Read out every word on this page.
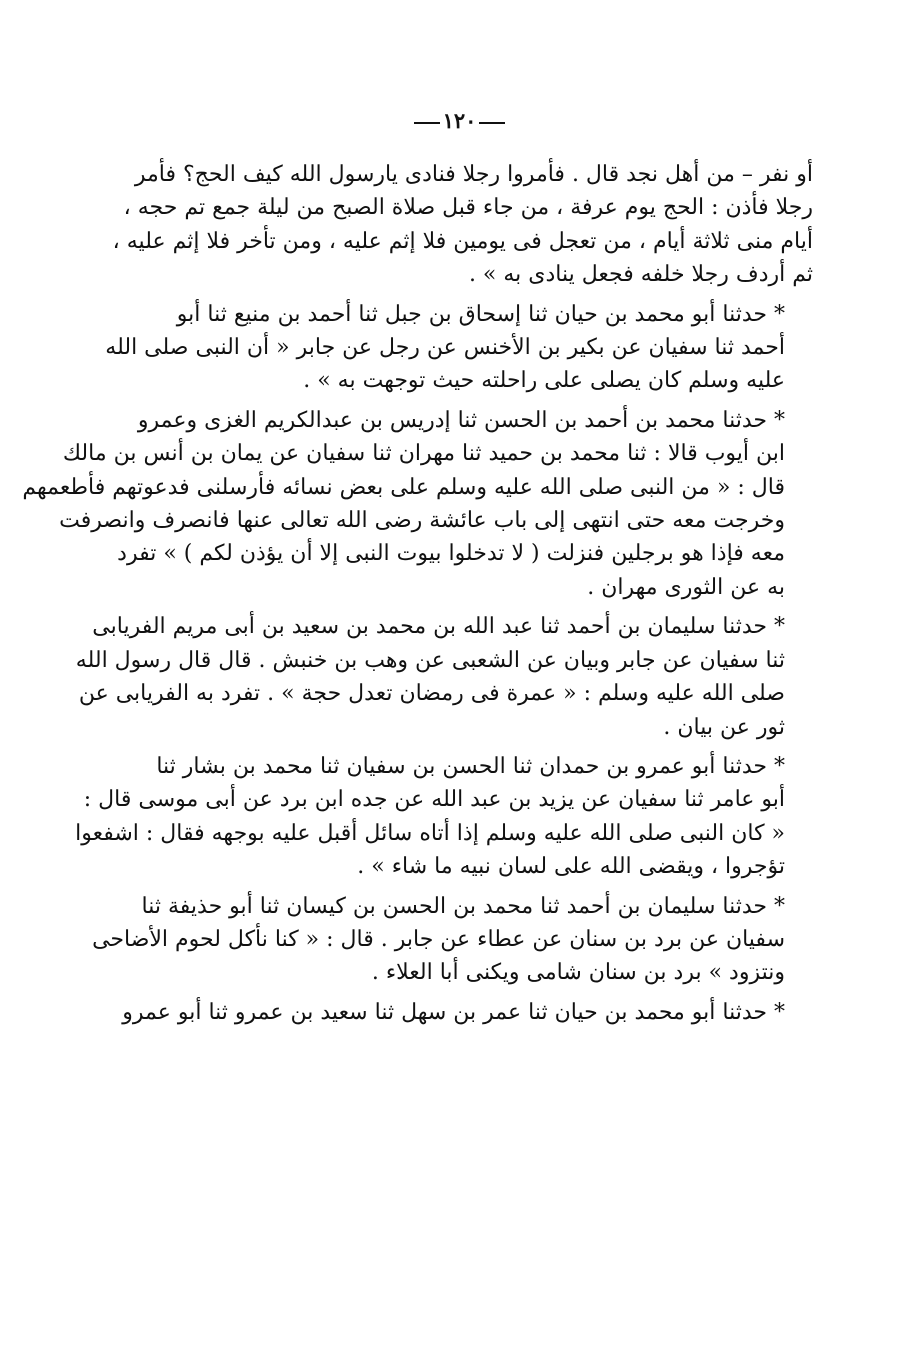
١٢٠
أو نفر – من أهل نجد قال . فأمروا رجلا فنادى يارسول الله كيف الحج؟ فأمر
رجلا فأذن : الحج يوم عرفة ، من جاء قبل صلاة الصبح من ليلة جمع تم حجه ،
أيام منى ثلاثة أيام ، من تعجل فى يومين فلا إثم عليه ، ومن تأخر فلا إثم عليه ،
ثم أردف رجلا خلفه فجعل ينادى به » .
* حدثنا أبو محمد بن حيان ثنا إسحاق بن جبل ثنا أحمد بن منيع ثنا أبو
أحمد ثنا سفيان عن بكير بن الأخنس عن رجل عن جابر « أن النبى صلى الله
عليه وسلم كان يصلى على راحلته حيث توجهت به » .
* حدثنا محمد بن أحمد بن الحسن ثنا إدريس بن عبدالكريم الغزى وعمرو
ابن أيوب قالا : ثنا محمد بن حميد ثنا مهران ثنا سفيان عن يمان بن أنس بن مالك
قال : « من النبى صلى الله عليه وسلم على بعض نسائه فأرسلنى فدعوتهم فأطعمهم
وخرجت معه حتى انتهى إلى باب عائشة رضى الله تعالى عنها فانصرف وانصرفت
معه فإذا هو برجلين فنزلت ( لا تدخلوا بيوت النبى إلا أن يؤذن لكم ) » تفرد
به عن الثورى مهران .
* حدثنا سليمان بن أحمد ثنا عبد الله بن محمد بن سعيد بن أبى مريم الفريابى
ثنا سفيان عن جابر وبيان عن الشعبى عن وهب بن خنبش . قال قال رسول الله
صلى الله عليه وسلم : « عمرة فى رمضان تعدل حجة » . تفرد به الفريابى عن
ثور عن بيان .
* حدثنا أبو عمرو بن حمدان ثنا الحسن بن سفيان ثنا محمد بن بشار ثنا
أبو عامر ثنا سفيان عن يزيد بن عبد الله عن جده ابن برد عن أبى موسى قال :
« كان النبى صلى الله عليه وسلم إذا أتاه سائل أقبل عليه بوجهه فقال : اشفعوا
تؤجروا ، ويقضى الله على لسان نبيه ما شاء » .
* حدثنا سليمان بن أحمد ثنا محمد بن الحسن بن كيسان ثنا أبو حذيفة ثنا
سفيان عن برد بن سنان عن عطاء عن جابر . قال : « كنا نأكل لحوم الأضاحى
ونتزود » برد بن سنان شامى ويكنى أبا العلاء .
* حدثنا أبو محمد بن حيان ثنا عمر بن سهل ثنا سعيد بن عمرو ثنا أبو عمرو
